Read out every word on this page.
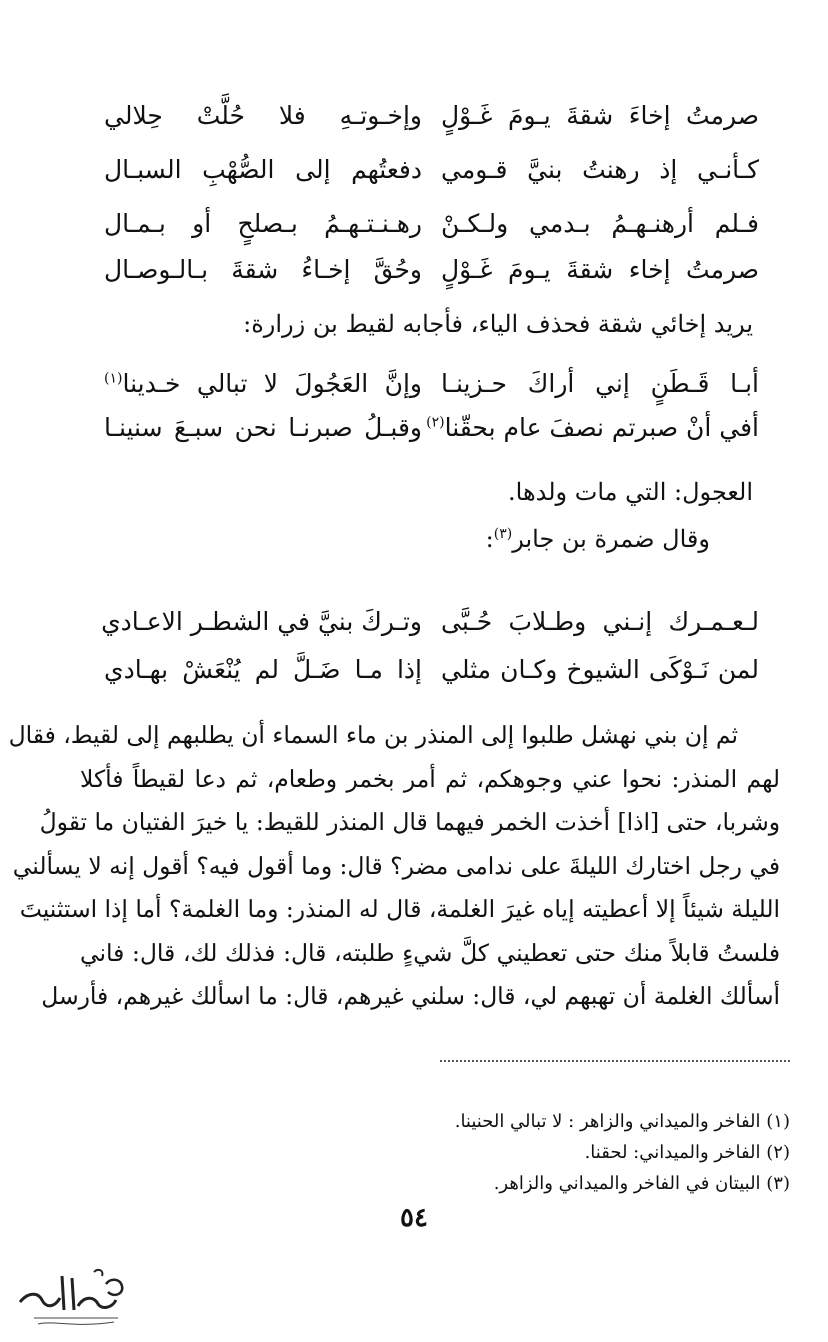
صرمتُ إخاءَ شقةَ يـومَ غَـوْلٍ
وإخـوتـهِ فلا حُلَّتْ حِلالي
كـأنـي إذ رهنتُ بنيَّ قـومي
دفعتُهم إلى الصُّهْبِ السبـال
فـلم أرهنـهـمُ بـدمي ولـكـنْ
رهـنـتـهـمُ بـصلحٍ أو بـمـال
صرمتُ إخاء شقةَ يـومَ غَـوْلٍ
وحُقَّ إخـاءُ شقةَ بـالـوصـال
يريد إخائي شقة فحذف الياء، فأجابه لقيط بن زرارة:
أبـا قَـطَنٍ إني أراكَ حـزينـا
وإنَّ العَجُولَ لا تبالي خـدينا$^{(١)}$
أفي أنْ صبرتم نصفَ عام بحقّنا$^{(٢)}$
وقبـلُ صبرنـا نحن سبـعَ سنينـا
العجول: التي مات ولدها.
وقال ضمرة بن جابر$^{(٣)}$:
لـعـمـرك إنـني وطـلابَ حُـبَّى
وتـركَ بنيَّ في الشطـر الاعـادي
لمن نَـوْكَى الشيوخ وكـان مثلي
إذا مـا ضَـلَّ لم يُنْعَشْ بهـادي
ثم إن بني نهشل طلبوا إلى المنذر بن ماء السماء أن يطلبهم إلى لقيط، فقال
لهم المنذر: نحوا عني وجوهكم، ثم أمر بخمر وطعام، ثم دعا لقيطاً فأكلا
وشربا، حتى [اذا] أخذت الخمر فيهما قال المنذر للقيط: يا خيرَ الفتيان ما تقولُ
في رجل اختارك الليلةَ على ندامى مضر؟ قال: وما أقول فيه؟ أقول إنه لا يسألني
الليلة شيئاً إلا أعطيته إياه غيرَ الغلمة، قال له المنذر: وما الغلمة؟ أما إذا استثنيتَ
فلستُ قابلاً منك حتى تعطيني كلَّ شيءٍ طلبته، قال: فذلك لك، قال: فاني
أسألك الغلمة أن تهبهم لي، قال: سلني غيرهم، قال: ما اسألك غيرهم، فأرسل
(١) الفاخر والميداني والزاهر : لا تبالي الحنينا.
(٢) الفاخر والميداني: لحقنا.
(٣) البيتان في الفاخر والميداني والزاهر.
٥٤
